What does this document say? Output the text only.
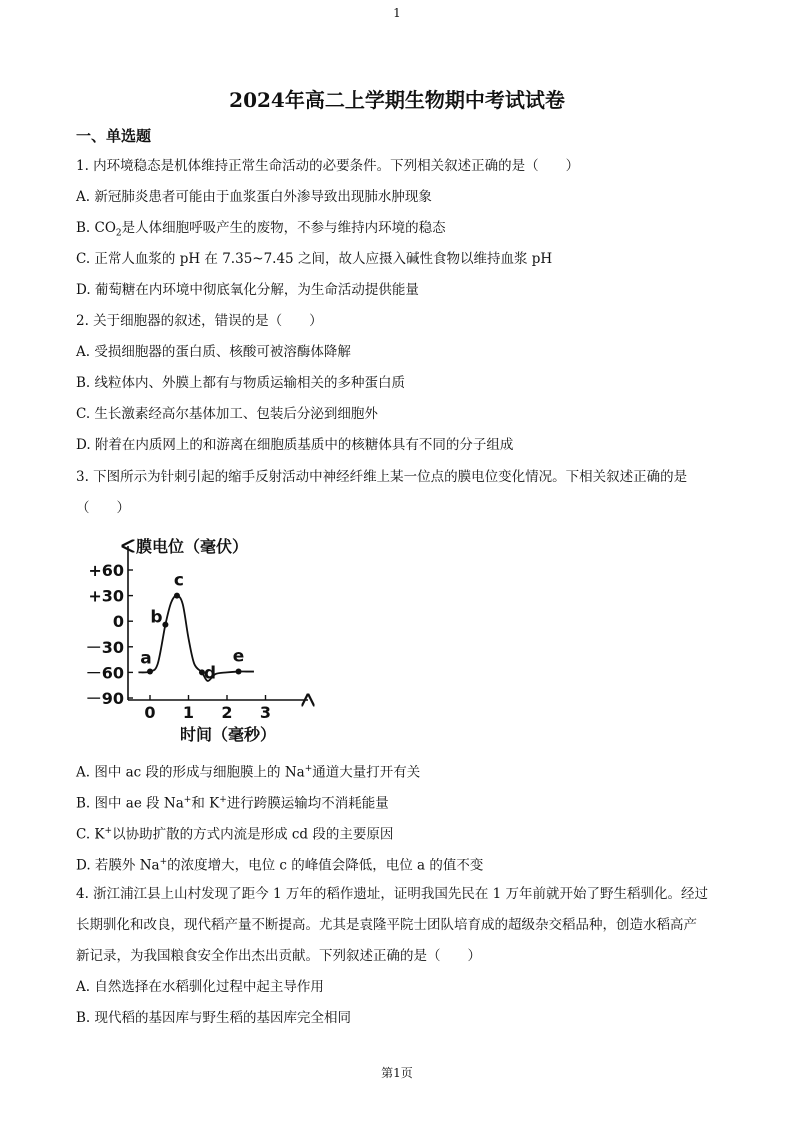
1
2024年高二上学期生物期中考试试卷
一、单选题
1. 内环境稳态是机体维持正常生命活动的必要条件。下列相关叙述正确的是（　　）
A. 新冠肺炎患者可能由于血浆蛋白外渗导致出现肺水肿现象
B. $CO_2$是人体细胞呼吸产生的废物，不参与维持内环境的稳态
C. 正常人血浆的 pH 在 7.35~7.45 之间，故人应摄入碱性食物以维持血浆 pH
D. 葡萄糖在内环境中彻底氧化分解，为生命活动提供能量
2. 关于细胞器的叙述，错误的是（　　）
A. 受损细胞器的蛋白质、核酸可被溶酶体降解
B. 线粒体内、外膜上都有与物质运输相关的多种蛋白质
C. 生长激素经高尔基体加工、包装后分泌到细胞外
D. 附着在内质网上的和游离在细胞质基质中的核糖体具有不同的分子组成
3. 下图所示为针刺引起的缩手反射活动中神经纤维上某一位点的膜电位变化情况。下相关叙述正确的是
（　　）
膜电位（毫伏）
+60
+30
0
－30
－60
－90
0 1 2 3
时间（毫秒）
a
b
c
d
e
A. 图中 ac 段的形成与细胞膜上的 Na+通道大量打开有关
B. 图中 ae 段 Na+和 K+进行跨膜运输均不消耗能量
C. K+以协助扩散的方式内流是形成 cd 段的主要原因
D. 若膜外 Na+的浓度增大，电位 c 的峰值会降低，电位 a 的值不变
4. 浙江浦江县上山村发现了距今 1 万年的稻作遗址，证明我国先民在 1 万年前就开始了野生稻驯化。经过
长期驯化和改良，现代稻产量不断提高。尤其是袁隆平院士团队培育成的超级杂交稻品种，创造水稻高产
新记录，为我国粮食安全作出杰出贡献。下列叙述正确的是（　　）
A. 自然选择在水稻驯化过程中起主导作用
B. 现代稻的基因库与野生稻的基因库完全相同
第1页
